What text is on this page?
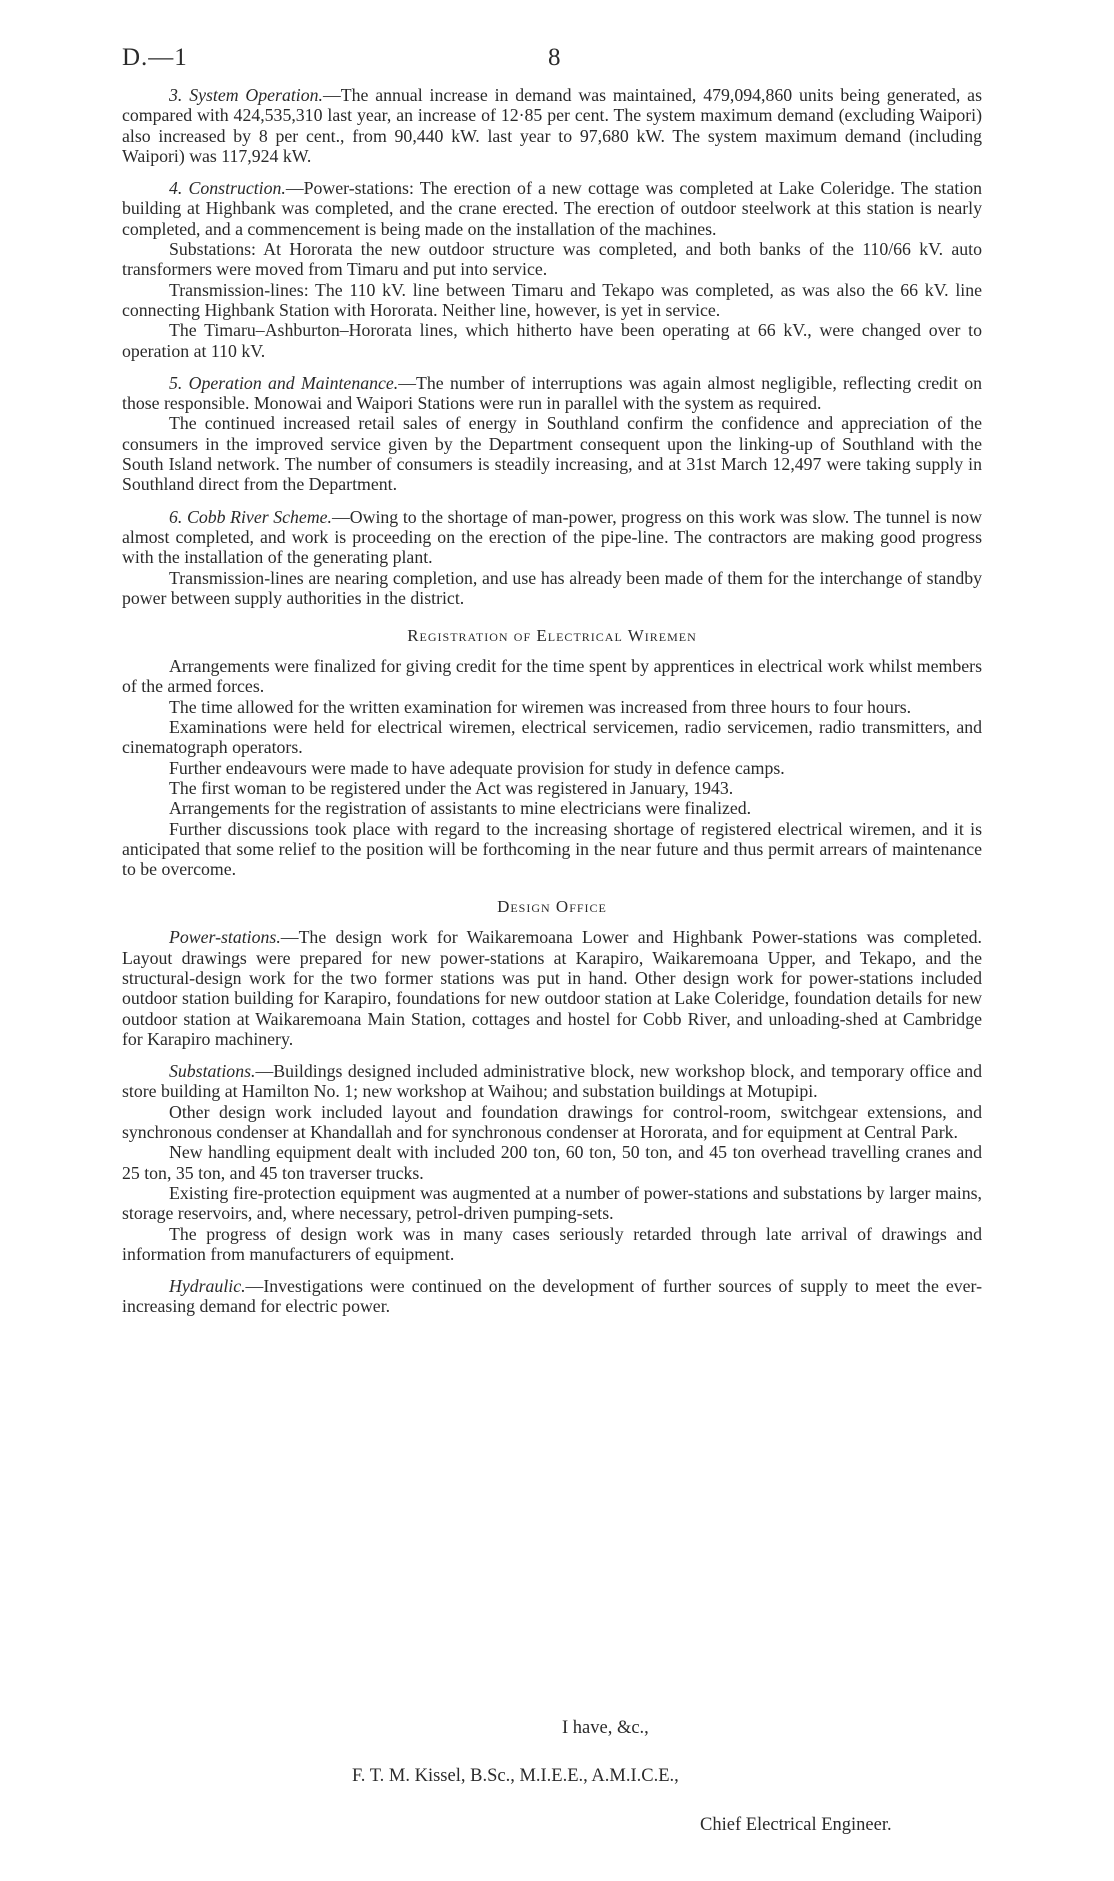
D.—1	8

3. System Operation.—The annual increase in demand was maintained, 479,094,860 units being generated, as compared with 424,535,310 last year, an increase of 12·85 per cent. The system maximum demand (excluding Waipori) also increased by 8 per cent., from 90,440 kW. last year to 97,680 kW. The system maximum demand (including Waipori) was 117,924 kW.

4. Construction.—Power-stations: The erection of a new cottage was completed at Lake Coleridge. The station building at Highbank was completed, and the crane erected. The erection of outdoor steelwork at this station is nearly completed, and a commencement is being made on the installation of the machines.

Substations: At Hororata the new outdoor structure was completed, and both banks of the 110/66 kV. auto transformers were moved from Timaru and put into service.

Transmission-lines: The 110 kV. line between Timaru and Tekapo was completed, as was also the 66 kV. line connecting Highbank Station with Hororata. Neither line, however, is yet in service.

The Timaru–Ashburton–Hororata lines, which hitherto have been operating at 66 kV., were changed over to operation at 110 kV.

5. Operation and Maintenance.—The number of interruptions was again almost negligible, reflecting credit on those responsible. Monowai and Waipori Stations were run in parallel with the system as required.

The continued increased retail sales of energy in Southland confirm the confidence and appreciation of the consumers in the improved service given by the Department consequent upon the linking-up of Southland with the South Island network. The number of consumers is steadily increasing, and at 31st March 12,497 were taking supply in Southland direct from the Department.

6. Cobb River Scheme.—Owing to the shortage of man-power, progress on this work was slow. The tunnel is now almost completed, and work is proceeding on the erection of the pipe-line. The contractors are making good progress with the installation of the generating plant.

Transmission-lines are nearing completion, and use has already been made of them for the interchange of standby power between supply authorities in the district.

Registration of Electrical Wiremen

Arrangements were finalized for giving credit for the time spent by apprentices in electrical work whilst members of the armed forces.

The time allowed for the written examination for wiremen was increased from three hours to four hours.

Examinations were held for electrical wiremen, electrical servicemen, radio servicemen, radio transmitters, and cinematograph operators.

Further endeavours were made to have adequate provision for study in defence camps.

The first woman to be registered under the Act was registered in January, 1943.

Arrangements for the registration of assistants to mine electricians were finalized.

Further discussions took place with regard to the increasing shortage of registered electrical wiremen, and it is anticipated that some relief to the position will be forthcoming in the near future and thus permit arrears of maintenance to be overcome.

Design Office

Power-stations.—The design work for Waikaremoana Lower and Highbank Power-stations was completed. Layout drawings were prepared for new power-stations at Karapiro, Waikaremoana Upper, and Tekapo, and the structural-design work for the two former stations was put in hand. Other design work for power-stations included outdoor station building for Karapiro, foundations for new outdoor station at Lake Coleridge, foundation details for new outdoor station at Waikaremoana Main Station, cottages and hostel for Cobb River, and unloading-shed at Cambridge for Karapiro machinery.

Substations.—Buildings designed included administrative block, new workshop block, and temporary office and store building at Hamilton No. 1; new workshop at Waihou; and substation buildings at Motupipi.

Other design work included layout and foundation drawings for control-room, switchgear extensions, and synchronous condenser at Khandallah and for synchronous condenser at Hororata, and for equipment at Central Park.

New handling equipment dealt with included 200 ton, 60 ton, 50 ton, and 45 ton overhead travelling cranes and 25 ton, 35 ton, and 45 ton traverser trucks.

Existing fire-protection equipment was augmented at a number of power-stations and substations by larger mains, storage reservoirs, and, where necessary, petrol-driven pumping-sets.

The progress of design work was in many cases seriously retarded through late arrival of drawings and information from manufacturers of equipment.

Hydraulic.—Investigations were continued on the development of further sources of supply to meet the ever-increasing demand for electric power.

I have, &c.,
F. T. M. Kissel, B.Sc., M.I.E.E., A.M.I.C.E.,
Chief Electrical Engineer.
